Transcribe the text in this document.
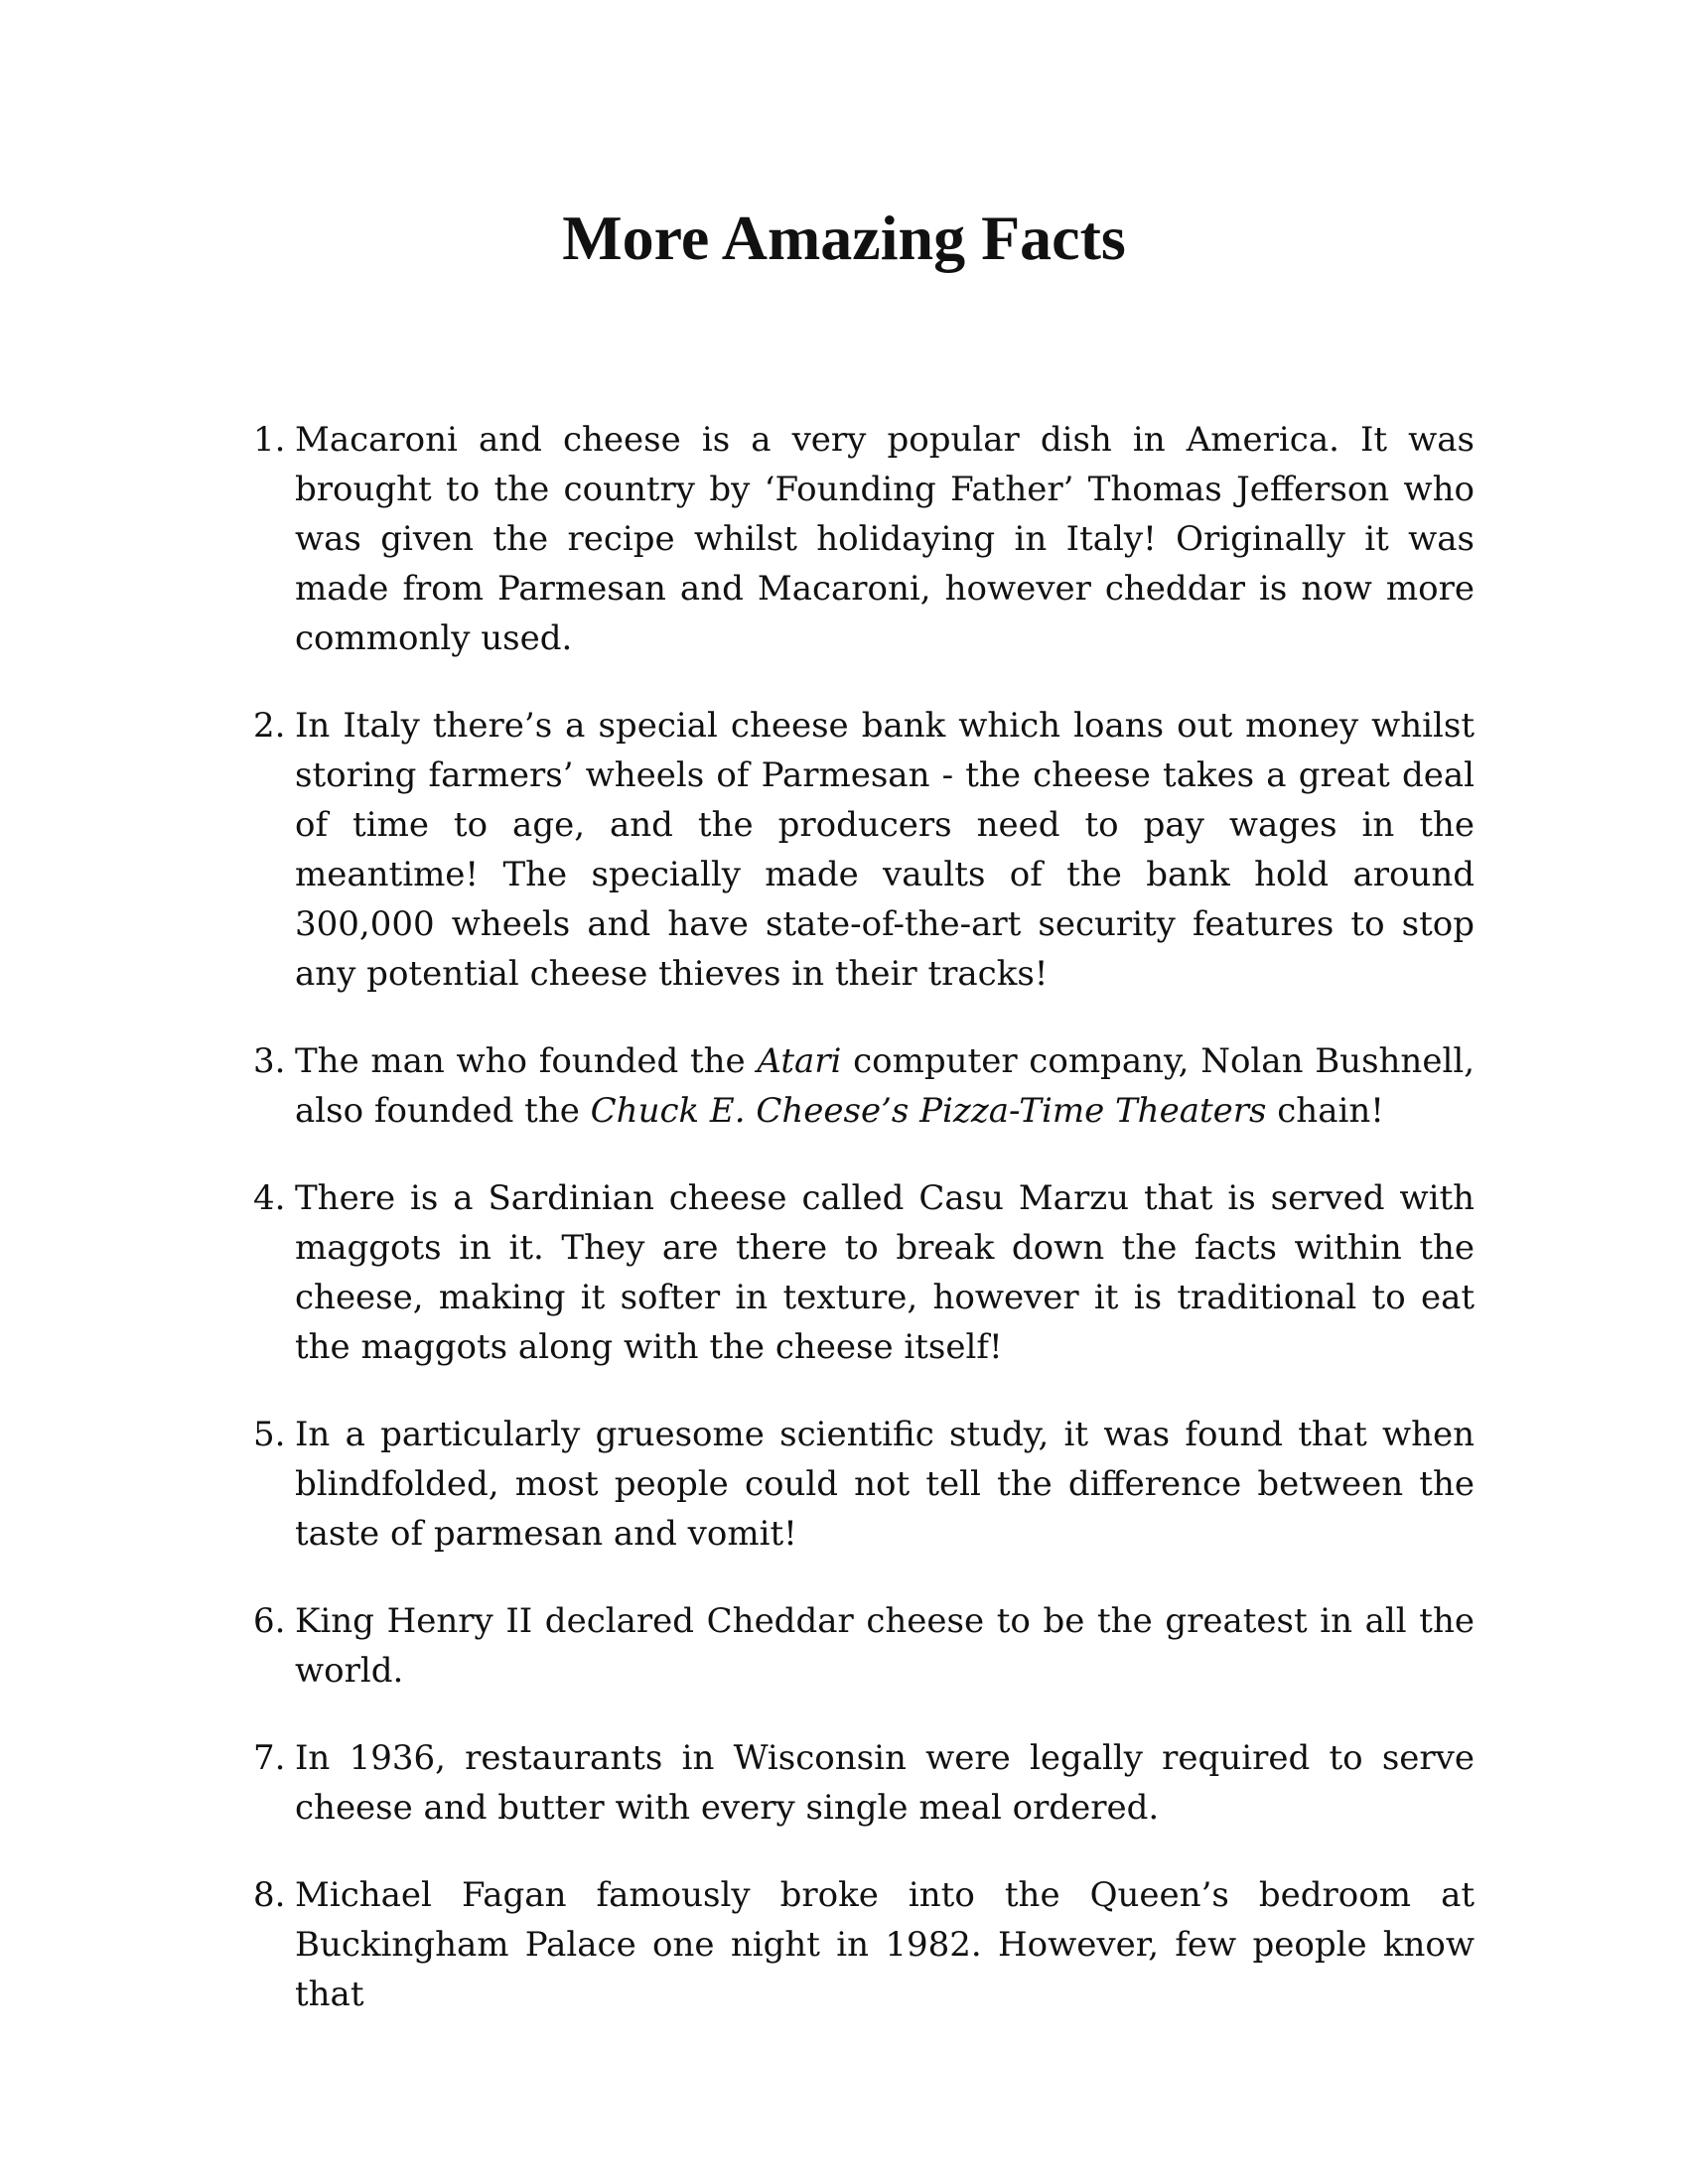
More Amazing Facts
1. Macaroni and cheese is a very popular dish in America. It was brought to the country by ‘Founding Father’ Thomas Jefferson who was given the recipe whilst holidaying in Italy! Originally it was made from Parmesan and Macaroni, however cheddar is now more commonly used.
2. In Italy there’s a special cheese bank which loans out money whilst storing farmers’ wheels of Parmesan - the cheese takes a great deal of time to age, and the producers need to pay wages in the meantime! The specially made vaults of the bank hold around 300,000 wheels and have state-of-the-art security features to stop any potential cheese thieves in their tracks!
3. The man who founded the Atari computer company, Nolan Bushnell, also founded the Chuck E. Cheese’s Pizza-Time Theaters chain!
4. There is a Sardinian cheese called Casu Marzu that is served with maggots in it. They are there to break down the facts within the cheese, making it softer in texture, however it is traditional to eat the maggots along with the cheese itself!
5. In a particularly gruesome scientific study, it was found that when blindfolded, most people could not tell the difference between the taste of parmesan and vomit!
6. King Henry II declared Cheddar cheese to be the greatest in all the world.
7. In 1936, restaurants in Wisconsin were legally required to serve cheese and butter with every single meal ordered.
8. Michael Fagan famously broke into the Queen’s bedroom at Buckingham Palace one night in 1982. However, few people know that
